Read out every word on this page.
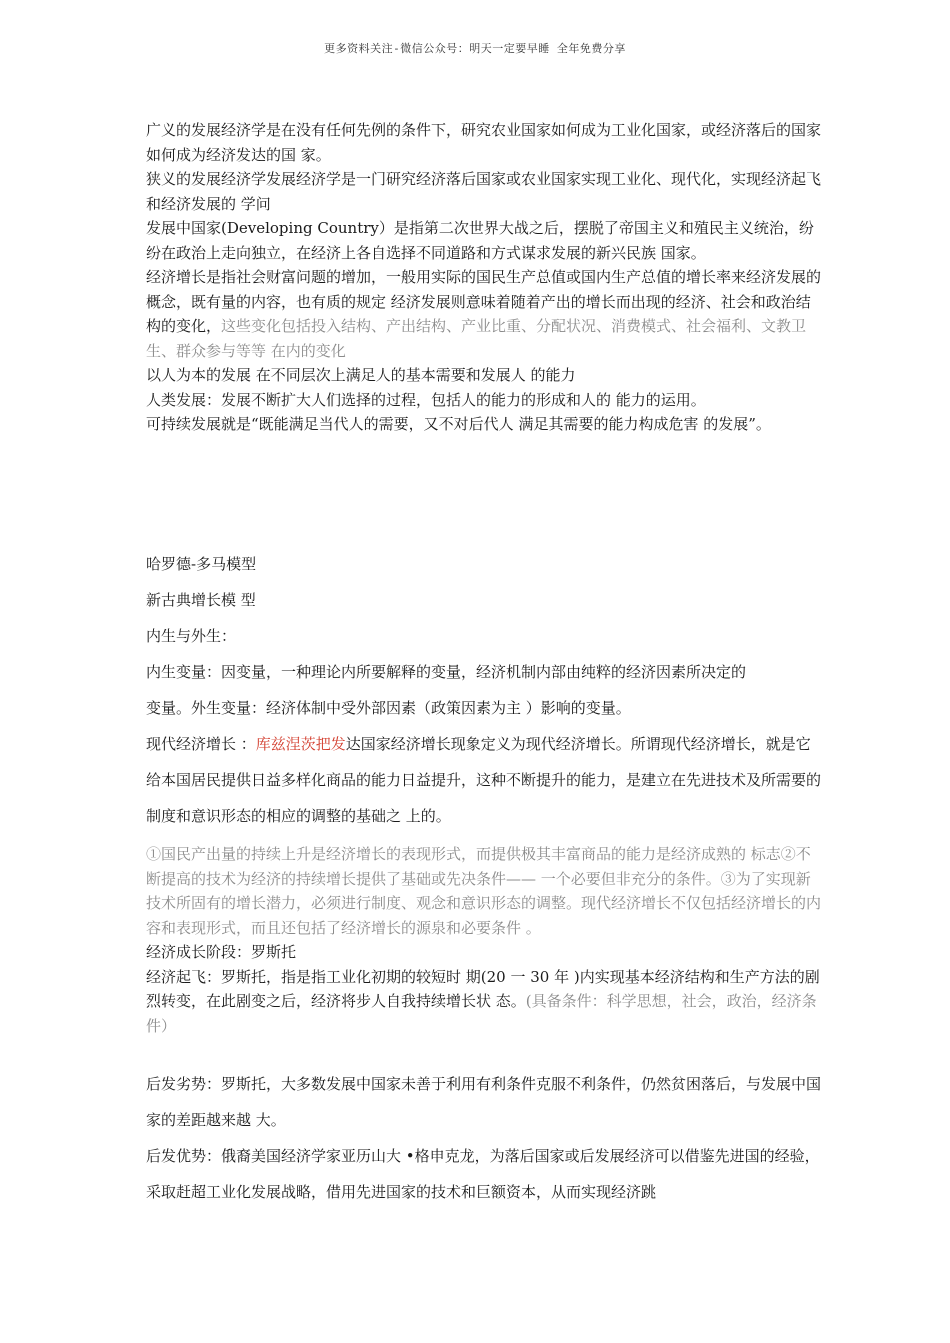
更多资料关注-微信公众号：明天一定要早睡 全年免费分享

广义的发展经济学是在没有任何先例的条件下，研究农业国家如何成为工业化国家，或经济落后的国家如何成为经济发达的国 家。

狭义的发展经济学发展经济学是一门研究经济落后国家或农业国家实现工业化、现代化，实现经济起飞和经济发展的 学问

发展中国家(Developing Country）是指第二次世界大战之后，摆脱了帝国主义和殖民主义统治，纷纷在政治上走向独立，在经济上各自选择不同道路和方式谋求发展的新兴民族 国家。

经济增长是指社会财富问题的增加，一般用实际的国民生产总值或国内生产总值的增长率来经济发展的概念，既有量的内容，也有质的规定 经济发展则意味着随着产出的增长而出现的经济、社会和政治结 构的变化，这些变化包括投入结构、产出结构、产业比重、分配状况、消费模式、社会福利、文教卫生、群众参与等等 在内的变化

以人为本的发展 在不同层次上满足人的基本需要和发展人 的能力

人类发展：发展不断扩大人们选择的过程，包括人的能力的形成和人的 能力的运用。

可持续发展就是“既能满足当代人的需要，又不对后代人 满足其需要的能力构成危害 的发展”。

哈罗德-多马模型

新古典增长模 型

内生与外生：

内生变量：因变量，一种理论内所要解释的变量，经济机制内部由纯粹的经济因素所决定的

变量。外生变量：经济体制中受外部因素（政策因素为主 ）影响的变量。

现代经济增长 ：库兹涅茨把发达国家经济增长现象定义为现代经济增长。所谓现代经济增长，就是它给本国居民提供日益多样化商品的能力日益提升，这种不断提升的能力，是建立在先进技术及所需要的制度和意识形态的相应的调整的基础之 上的。

①国民产出量的持续上升是经济增长的表现形式，而提供极其丰富商品的能力是经济成熟的 标志②不断提高的技术为经济的持续增长提供了基础或先决条件—— 一个必要但非充分的条件。③为了实现新技术所固有的增长潜力，必须进行制度、观念和意识形态的调整。现代经济增长不仅包括经济增长的内容和表现形式，而且还包括了经济增长的源泉和必要条件 。

经济成长阶段：罗斯托

经济起飞：罗斯托，指是指工业化初期的较短时 期(20 一 30 年 )内实现基本经济结构和生产方法的剧烈转变，在此剧变之后，经济将步人自我持续增长状 态。(具备条件：科学思想，社会，政治，经济条件）

后发劣势：罗斯托，大多数发展中国家未善于利用有利条件克服不利条件，仍然贫困落后，与发展中国家的差距越来越 大。

后发优势：俄裔美国经济学家亚历山大 •格申克龙，为落后国家或后发展经济可以借鉴先进国的经验，采取赶超工业化发展战略，借用先进国家的技术和巨额资本，从而实现经济跳
